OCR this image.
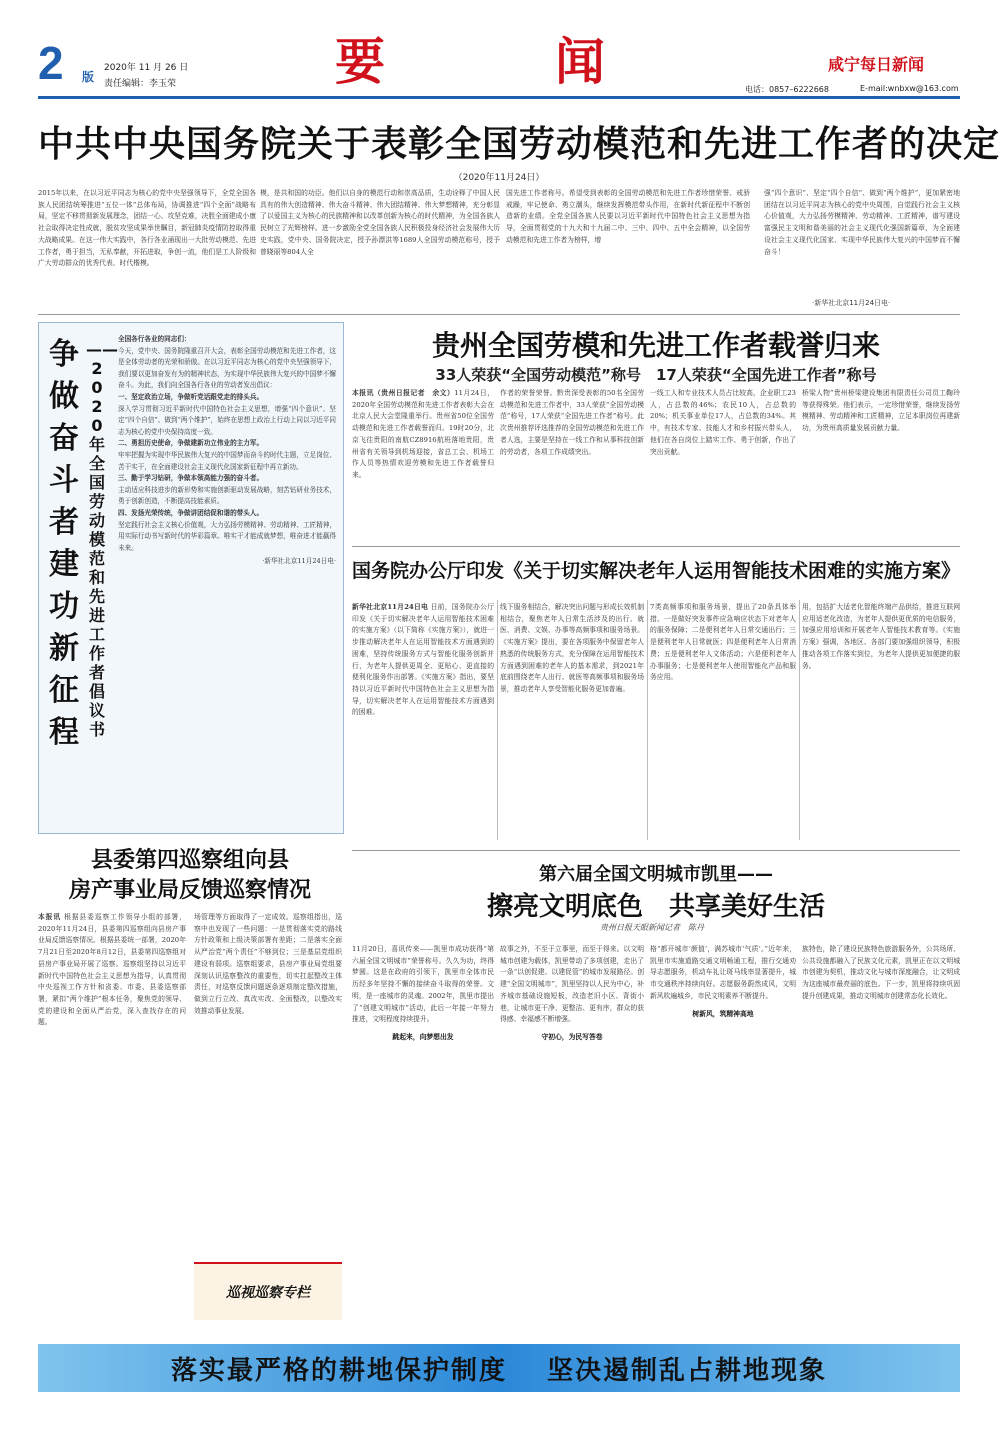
2 版
2020年 11 月 26 日
责任编辑：李玉荣	要　闻	咸宁每日新闻
电话：0857–6222668	E-mail:wnbxw@163.com
中共中央国务院关于表彰全国劳动模范和先进工作者的决定
（2020年11月24日）
2015年以来，在以习近平同志为核心的党中央坚强领导下，全党全国各族人民团结统筹推进“五位一体”总体布局，协调推进“四个全面”战略布局，坚定不移贯彻新发展理念，团结一心、攻坚克难，决胜全面建成小康社会取得决定性成就，脱贫攻坚成果举世瞩目，新冠肺炎疫情防控取得重大战略成果。在这一伟大实践中，各行各业涌现出一大批劳动模范、先进工作者，勇于担当，无私奉献，开拓进取，争创一流，他们是工人阶级和广大劳动群众的优秀代表、时代楷模。
模，是共和国的功臣。他们以自身的模范行动和崇高品质，生动诠释了中国人民具有的伟大创造精神、伟大奋斗精神、伟大团结精神、伟大梦想精神，充分彰显了以爱国主义为核心的民族精神和以改革创新为核心的时代精神，为全国各族人民树立了光辉榜样。进一步激励全党全国各族人民积极投身经济社会发展伟大历史实践，党中央、国务院决定，授予孙漂洪等1689人全国劳动模范称号，授予曾晓丽等804人全
国先进工作者称号。希望受到表彰的全国劳动模范和先进工作者珍惜荣誉、戒骄戒躁，牢记使命、勇立潮头，继续发挥模范带头作用，在新时代新征程中不断创造新的业绩。全党全国各族人民要以习近平新时代中国特色社会主义思想为指导，全面贯彻党的十九大和十九届二中、三中、四中、五中全会精神，以全国劳动模范和先进工作者为榜样，增
强“四个意识”、坚定“四个自信”、做到“两个维护”，更加紧密地团结在以习近平同志为核心的党中央周围，自觉践行社会主义核心价值观，大力弘扬劳模精神、劳动精神、工匠精神，谱写建设富强民主文明和谐美丽的社会主义现代化强国新篇章，为全面建设社会主义现代化国家、实现中华民族伟大复兴的中国梦而不懈奋斗！
·新华社北京11月24日电·
争做奋斗者 建功新征程
——2020年全国劳动模范和先进工作者倡议书
全国各行各业的同志们：
今天，党中央、国务院隆重召开大会，表彰全国劳动模范和先进工作者，这是全体劳动者的光荣和骄傲。在以习近平同志为核心的党中央坚强领导下，我们要以更加奋发有为的精神状态，为实现中华民族伟大复兴的中国梦不懈奋斗。为此，我们向全国各行各业的劳动者发出倡议：
一、坚定政治立场，争做听党话跟党走的排头兵。
深入学习贯彻习近平新时代中国特色社会主义思想，增强“四个意识”、坚定“四个自信”、做到“两个维护”，始终在思想上政治上行动上同以习近平同志为核心的党中央保持高度一致。
二、勇担历史使命，争做建新功立伟业的主力军。
牢牢把握为实现中华民族伟大复兴的中国梦而奋斗的时代主题，立足岗位、苦干实干，在全面建设社会主义现代化国家新征程中再立新功。
三、勤于学习钻研，争做本领高能力强的奋斗者。
主动适应科技进步的新形势和实施创新驱动发展战略，刻苦钻研业务技术，勇于创新创造，不断提高技能素质。
四、发扬光荣传统，争做讲团结促和谐的带头人。
坚定践行社会主义核心价值观，大力弘扬劳模精神、劳动精神、工匠精神，用实际行动书写新时代的华彩篇章。唯实干才能成就梦想，唯奋进才能赢得未来。
·新华社北京11月24日电·
贵州全国劳模和先进工作者载誉归来
33人荣获“全国劳动模范”称号　17人荣获“全国先进工作者”称号
本报讯（贵州日报记者　余文）11月24日，2020年全国劳动模范和先进工作者表彰大会在北京人民大会堂隆重举行。贵州省50位全国劳动模范和先进工作者载誉而归。19时20分，北京飞往贵阳的南航CZ8916航班落地贵阳，贵州省有关领导到机场迎接，省总工会、机场工作人员等热情欢迎劳模和先进工作者载誉归来。
作者的荣誉荣誉。黔贵深受表彰的50名全国劳动模范和先进工作者中，33人荣获“全国劳动模范”称号，17人荣获“全国先进工作者”称号。此次贵州推荐评选推荐的全国劳动模范和先进工作者人选，主要是坚持在一线工作和从事科技创新的劳动者，各项工作成绩突出。
一线工人和专业技术人员占比较高，企业职工23人，占总数的46%；农民10人，占总数的20%；机关事业单位17人，占总数的34%。其中，有技术专家、技能人才和乡村振兴带头人，他们在各自岗位上踏实工作、勇于创新，作出了突出贡献。
桥梁人物”贵州桥梁建设集团有限责任公司员工鞠玲等获得殊荣。他们表示，一定珍惜荣誉，继续发扬劳模精神、劳动精神和工匠精神，立足本职岗位再建新功，为贵州高质量发展贡献力量。
国务院办公厅印发《关于切实解决老年人运用智能技术困难的实施方案》
新华社北京11月24日电 日前，国务院办公厅印发《关于切实解决老年人运用智能技术困难的实施方案》（以下简称《实施方案》），就进一步推动解决老年人在运用智能技术方面遇到的困难，坚持传统服务方式与智能化服务创新并行，为老年人提供更周全、更贴心、更直接的便利化服务作出部署。《实施方案》指出，要坚持以习近平新时代中国特色社会主义思想为指导，切实解决老年人在运用智能技术方面遇到的困难。
线下服务相结合，解决突出问题与形成长效机制相结合，聚焦老年人日常生活涉及的出行、就医、消费、文娱、办事等高频事项和服务场景。《实施方案》提出，要在各项服务中保留老年人熟悉的传统服务方式，充分保障在运用智能技术方面遇到困难的老年人的基本需求，到2021年底前围绕老年人出行、就医等高频事项和服务场景，推动老年人享受智能化服务更加普遍。
7类高频事项和服务场景，提出了20条具体举措。一是做好突发事件应急响应状态下对老年人的服务保障；二是便利老年人日常交通出行；三是便利老年人日常就医；四是便利老年人日常消费；五是便利老年人文体活动；六是便利老年人办事服务；七是便利老年人使用智能化产品和服务应用。
用，包括扩大适老化智能终端产品供给，推进互联网应用适老化改造，为老年人提供更优质的电信服务，加强应用培训和开展老年人智能技术教育等。《实施方案》强调，各地区、各部门要加强组织领导，积极推动各项工作落实到位，为老年人提供更加便捷的服务。
县委第四巡察组向县
房产事业局反馈巡察情况
本报讯 根据县委巡察工作领导小组的部署，2020年11月24日，县委第四巡察组向县房产事业局反馈巡察情况。根据县委统一部署，2020年7月21日至2020年8月12日，县委第四巡察组对县房产事业局开展了巡察。巡察组坚持以习近平新时代中国特色社会主义思想为指导，认真贯彻中央巡视工作方针和省委、市委、县委巡察部署，紧扣“两个维护”根本任务，聚焦党的领导、党的建设和全面从严治党，深入查找存在的问题。
场管理等方面取得了一定成效。巡察组指出，巡察中也发现了一些问题：一是贯彻落实党的路线方针政策和上级决策部署有差距；二是落实全面从严治党“两个责任”不够到位；三是基层党组织建设有弱项。巡察组要求，县房产事业局党组要深刻认识巡察整改的重要性，切实扛起整改主体责任，对巡察反馈问题逐条逐项制定整改措施，做到立行立改、真改实改、全面整改，以整改实效推动事业发展。
巡视巡察专栏
第六届全国文明城市凯里——
擦亮文明底色　共享美好生活
贵州日报天眼新闻记者　陈丹
11月20日，喜讯传来——凯里市成功获得“第六届全国文明城市”荣誉称号。久久为功，终得梦圆。这是在政府的引领下，凯里市全体市民历经多年坚持不懈的接续奋斗取得的荣誉。文明，是一座城市的灵魂。2002年，凯里市提出了“创建文明城市”活动，此后一年接一年努力推进，文明程度持续提升。
跳起来，向梦想出发
故事之外，不至于立事里，而至于得来。以文明城市创建为载体，凯里带动了多项创建，走出了一条“以创促建、以建促管”的城市发展路径。创建“全国文明城市”，凯里坚持以人民为中心，补齐城市基础设施短板，改造老旧小区、背街小巷，让城市更干净、更整洁、更有序，群众的获得感、幸福感不断增强。
守初心，为民写答卷
格“都开城市‘颜值’，满苏城市‘气质’。”近年来，凯里市实施道路交通文明畅通工程，推行交通劝导志愿服务，机动车礼让斑马线率显著提升，城市交通秩序持续向好。志愿服务蔚然成风，文明新风吹遍城乡，市民文明素养不断提升。
树新风，筑精神高地
族特色，除了建设民族特色旅游服务外，公共场所、公共设施都融入了民族文化元素，凯里正在以文明城市创建为契机，推动文化与城市深度融合，让文明成为这座城市最亮丽的底色。下一步，凯里将持续巩固提升创建成果，推动文明城市创建常态化长效化。
落实最严格的耕地保护制度 坚决遏制乱占耕地现象
